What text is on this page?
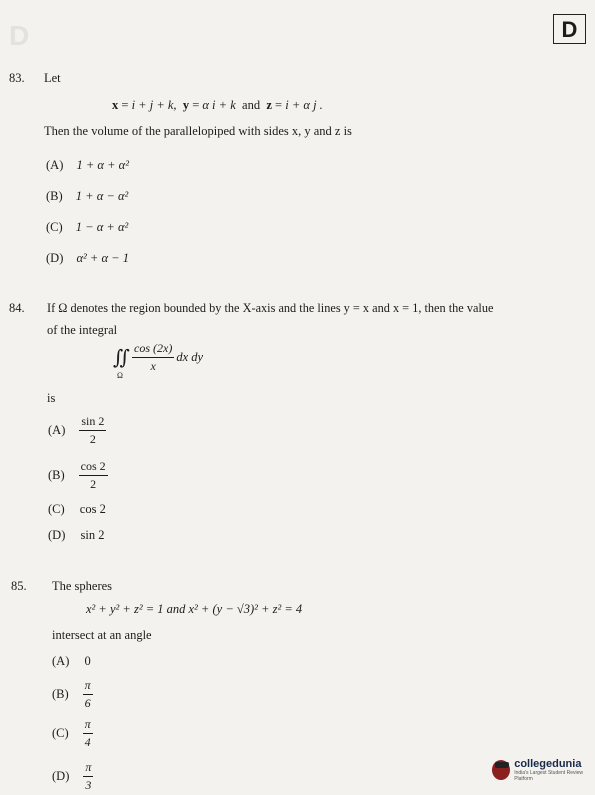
D	D
83. Let
x = i + j + k, y = α i + k and z = i + α j .
Then the volume of the parallelopiped with sides x, y and z is
(A) 1 + α + α²
(B) 1 + α − α²
(C) 1 − α + α²
(D) α² + α − 1
84. If Ω denotes the region bounded by the X-axis and the lines y = x and x = 1, then the value
of the integral
∬
Ω
$\frac{\cos (2x)}{x}$ dx dy
is
$(A) \frac{\sin 2}{2}$
$(B) \frac{\cos 2}{2}$
(C) cos 2
(D) sin 2
85. The spheres
x² + y² + z² = 1 and x² + (y − √3)² + z² = 4
intersect at an angle
(A) 0
$(B) \frac{\pi}{6}$
$(C) \frac{\pi}{4}$
$(D) \frac{\pi}{3}$	collegedunia
India's Largest Student Review Platform
